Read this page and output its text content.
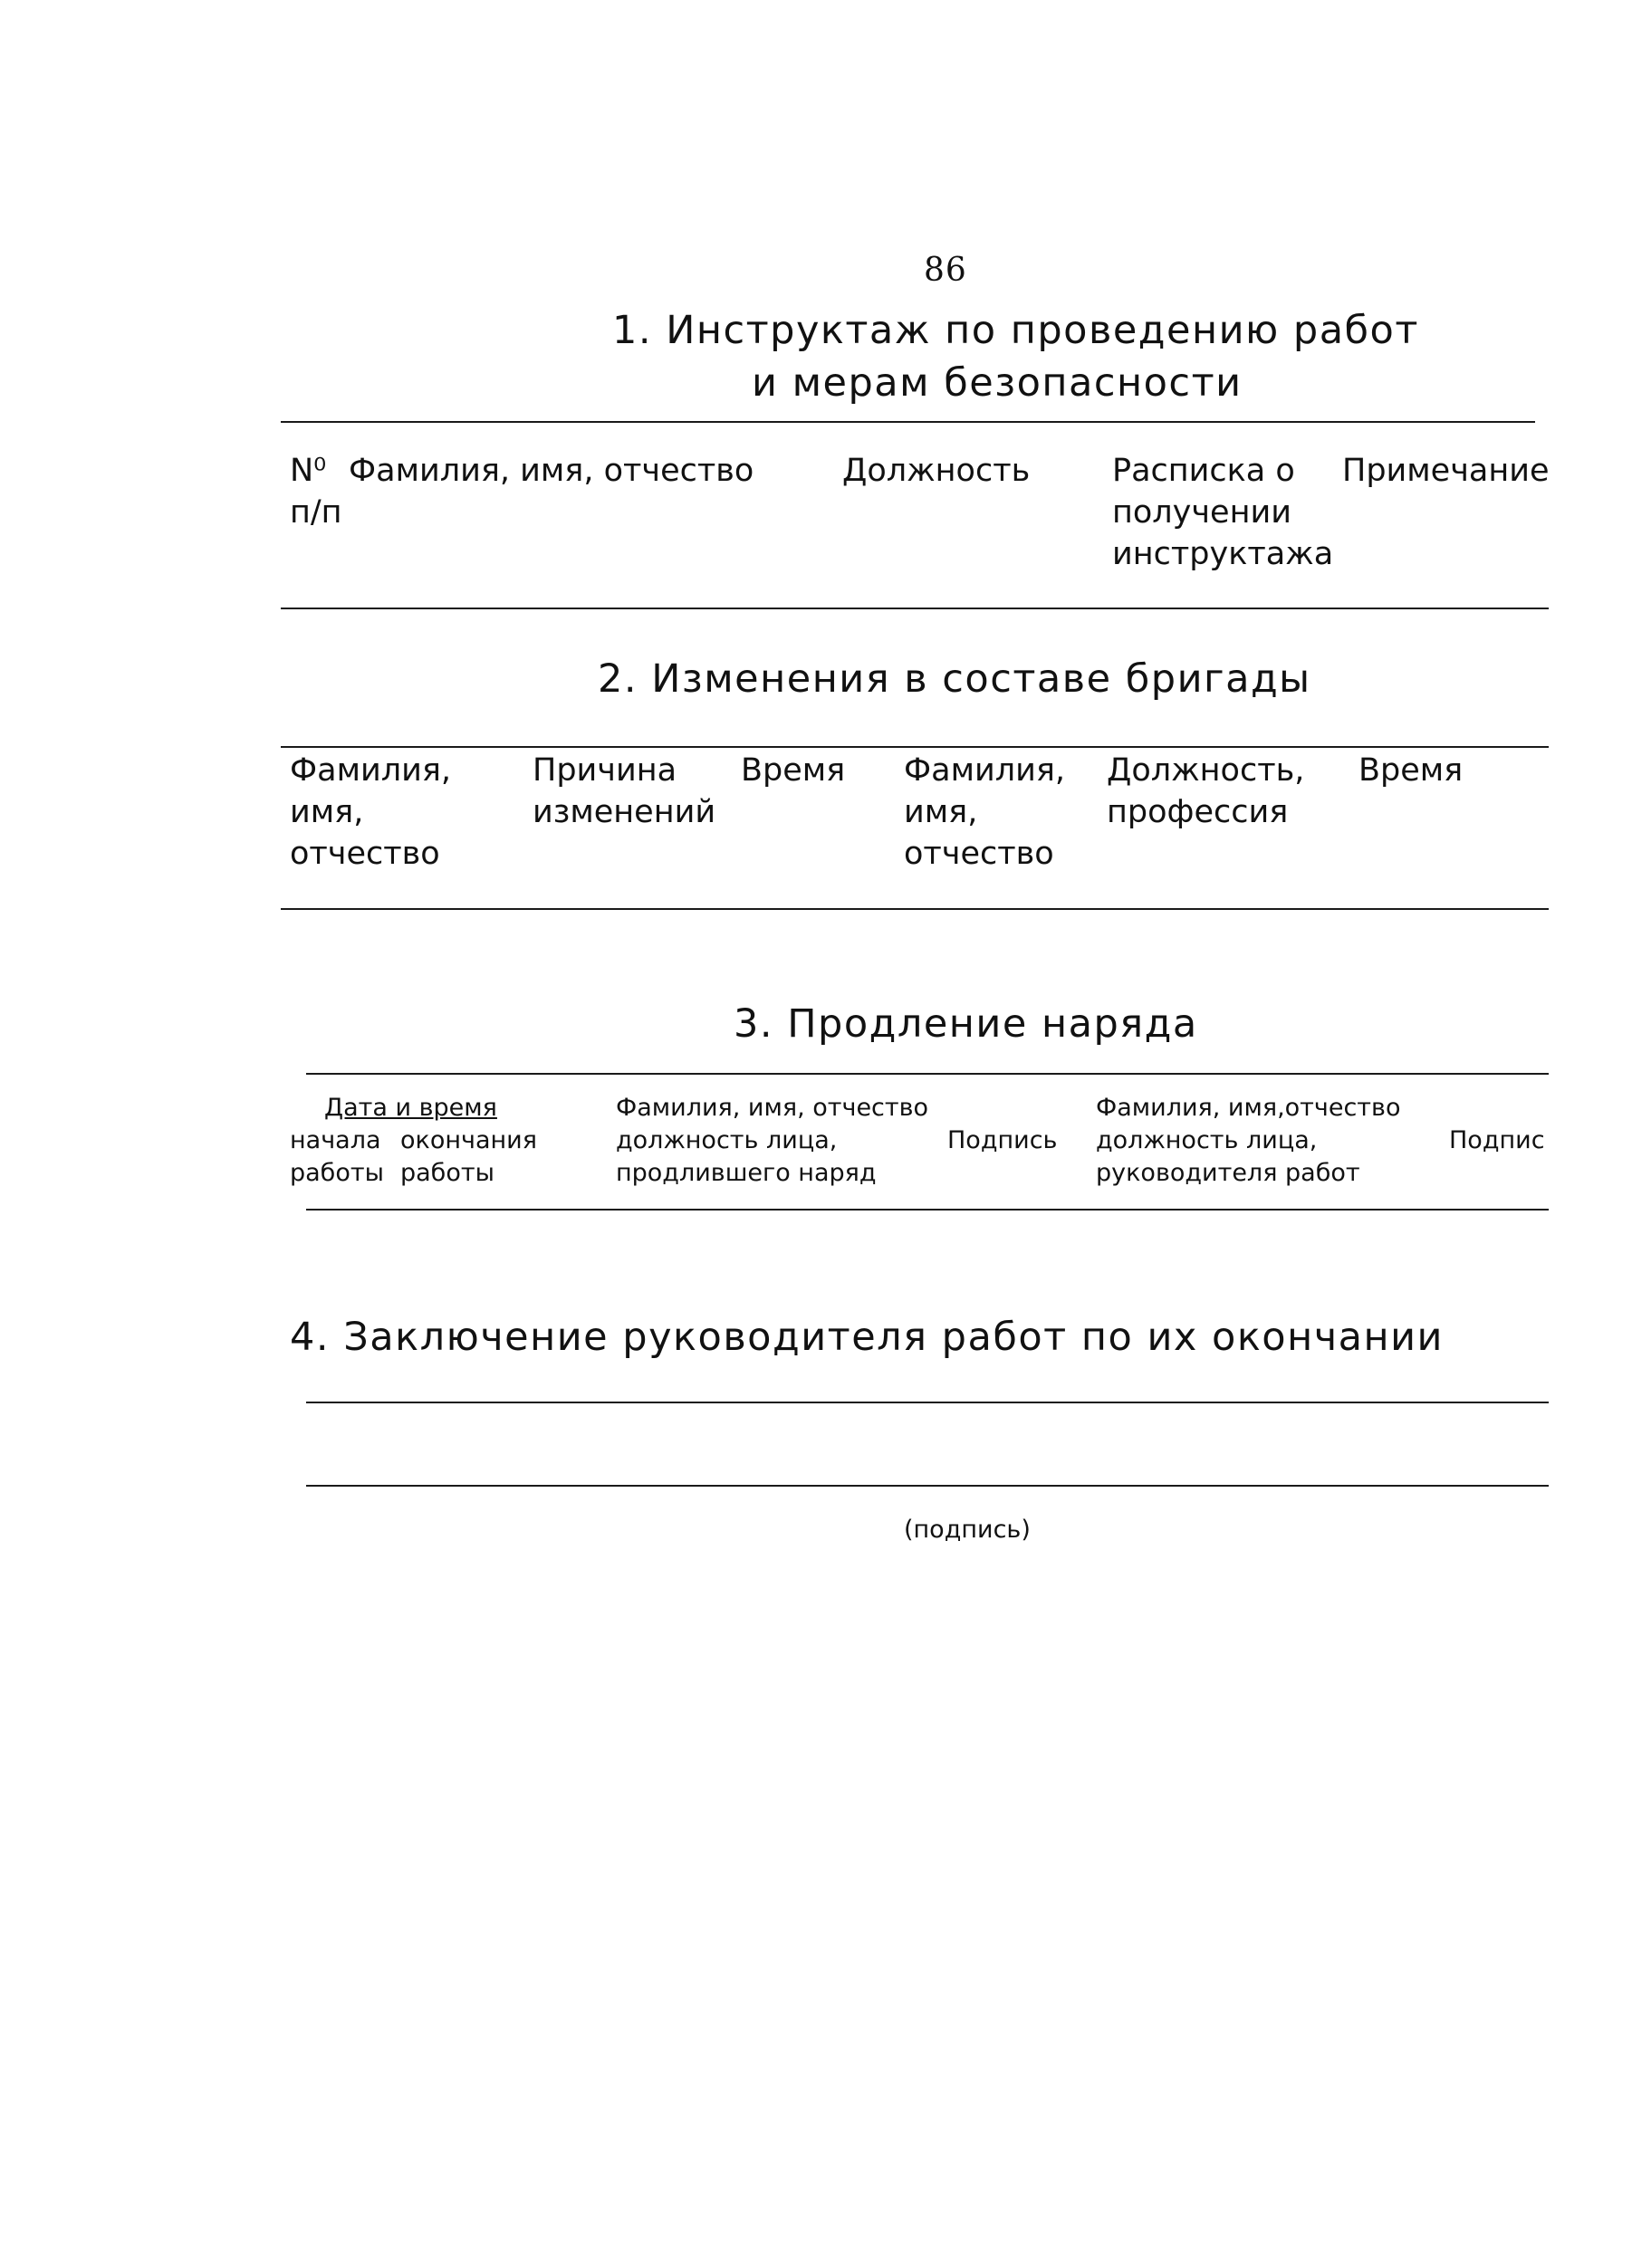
86
1. Инструктаж по проведению работ
и мерам безопасности
N⁰
п/п
Фамилия, имя, отчество	Должность	Расписка о
получении
инструктажа
Примечание
2. Изменения в составе бригады
Фамилия,
имя,
отчество
Причина
изменений
Время Фамилия,
имя,
отчество
Должность,
профессия
Время
3. Продление наряда
Дата и время
начала
работы
окончания
работы
Фамилия, имя, отчество
должность лица,
продлившего наряд
Подпись
Фамилия, имя,отчество
должность лица,
руководителя работ
Подпис
4. Заключение руководителя работ по их окончании
(подпись)
